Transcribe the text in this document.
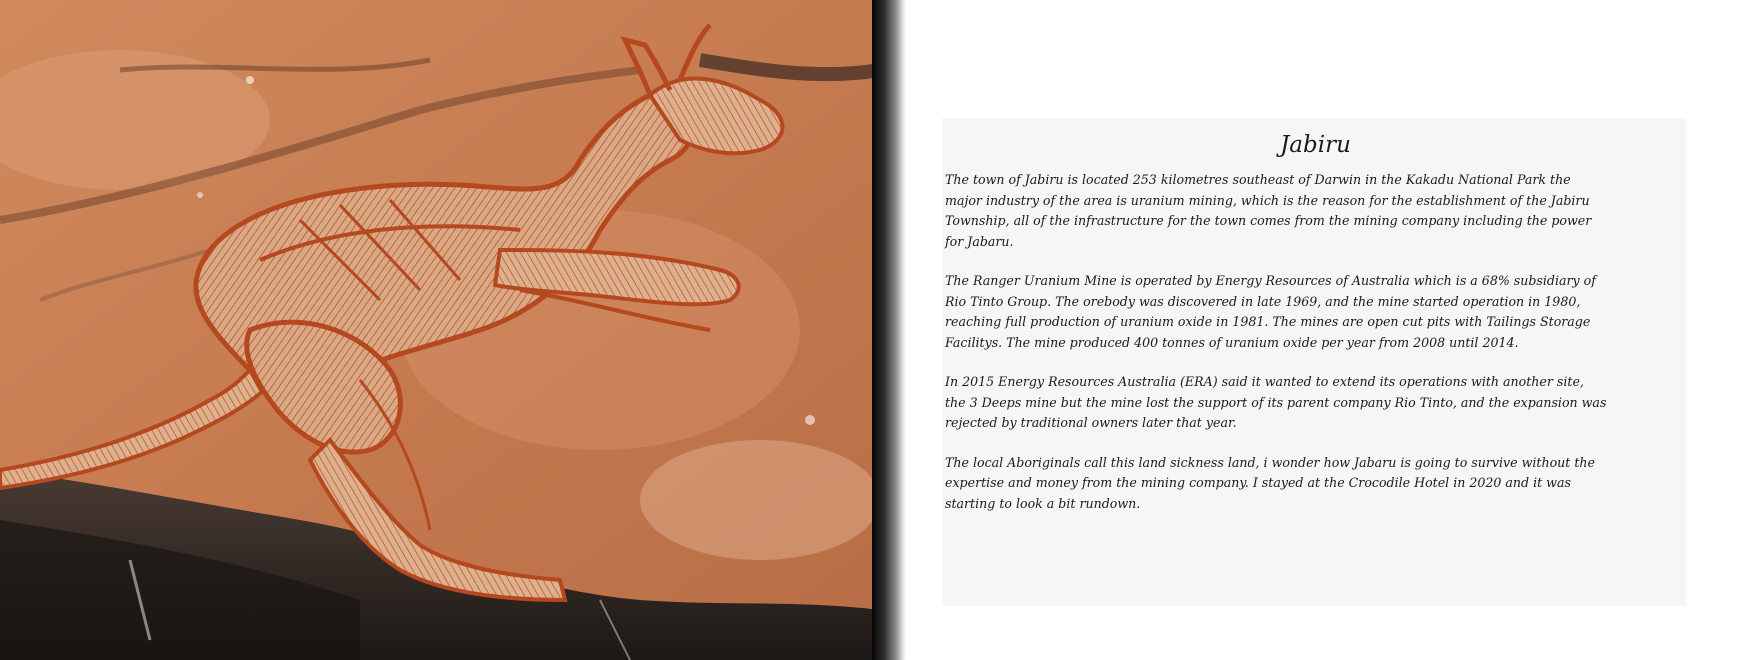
Jabiru

The town of Jabiru is located 253 kilometres southeast of Darwin in the Kakadu National Park the
major industry of the area is uranium mining, which is the reason for the establishment of the Jabiru
Township, all of the infrastructure for the town comes from the mining company including the power
for Jabaru.

The Ranger Uranium Mine is operated by Energy Resources of Australia which is a 68% subsidiary of
Rio Tinto Group. The orebody was discovered in late 1969, and the mine started operation in 1980,
reaching full production of uranium oxide in 1981. The mines are open cut pits with Tailings Storage
Facilitys. The mine produced 400 tonnes of uranium oxide per year from 2008 until 2014.

In 2015 Energy Resources Australia (ERA) said it wanted to extend its operations with another site,
the 3 Deeps mine but the mine lost the support of its parent company Rio Tinto, and the expansion was
rejected by traditional owners later that year.

The local Aboriginals call this land sickness land, i wonder how Jabaru is going to survive without the
expertise and money from the mining company. I stayed at the Crocodile Hotel in 2020 and it was
starting to look a bit rundown.
